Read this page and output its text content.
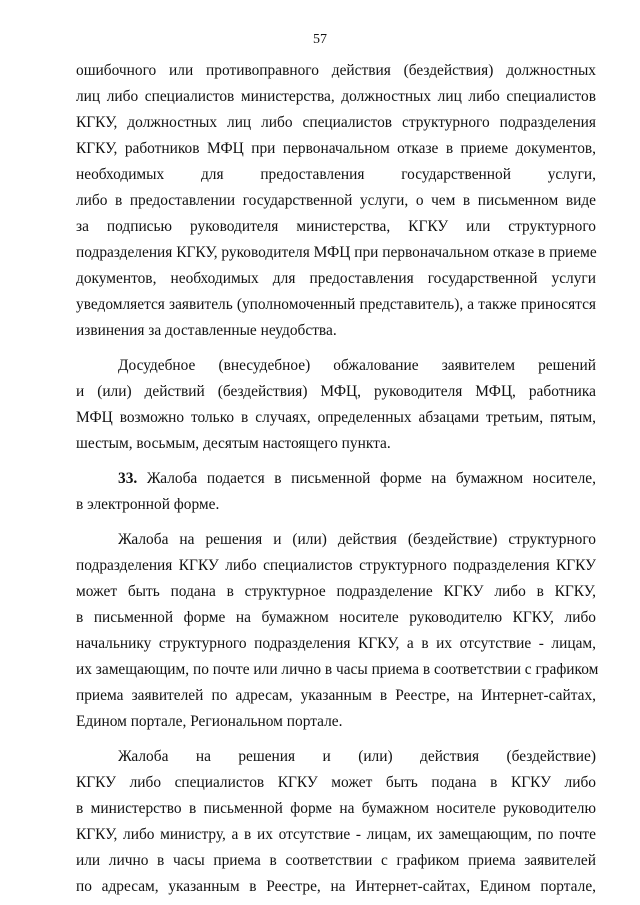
57
ошибочного или противоправного действия (бездействия) должностных
лиц либо специалистов министерства, должностных лиц либо специалистов
КГКУ, должностных лиц либо специалистов структурного подразделения
КГКУ, работников МФЦ при первоначальном отказе в приеме документов,
необходимых для предоставления государственной услуги,
либо в предоставлении государственной услуги, о чем в письменном виде
за подписью руководителя министерства, КГКУ или структурного
подразделения КГКУ, руководителя МФЦ при первоначальном отказе в приеме
документов, необходимых для предоставления государственной услуги
уведомляется заявитель (уполномоченный представитель), а также приносятся
извинения за доставленные неудобства.
Досудебное (внесудебное) обжалование заявителем решений
и (или) действий (бездействия) МФЦ, руководителя МФЦ, работника
МФЦ возможно только в случаях, определенных абзацами третьим, пятым,
шестым, восьмым, десятым настоящего пункта.
33. Жалоба подается в письменной форме на бумажном носителе,
в электронной форме.
Жалоба на решения и (или) действия (бездействие) структурного
подразделения КГКУ либо специалистов структурного подразделения КГКУ
может быть подана в структурное подразделение КГКУ либо в КГКУ,
в письменной форме на бумажном носителе руководителю КГКУ, либо
начальнику структурного подразделения КГКУ, а в их отсутствие - лицам,
их замещающим, по почте или лично в часы приема в соответствии с графиком
приема заявителей по адресам, указанным в Реестре, на Интернет-сайтах,
Едином портале, Региональном портале.
Жалоба на решения и (или) действия (бездействие)
КГКУ либо специалистов КГКУ может быть подана в КГКУ либо
в министерство в письменной форме на бумажном носителе руководителю
КГКУ, либо министру, а в их отсутствие - лицам, их замещающим, по почте
или лично в часы приема в соответствии с графиком приема заявителей
по адресам, указанным в Реестре, на Интернет-сайтах, Едином портале,
